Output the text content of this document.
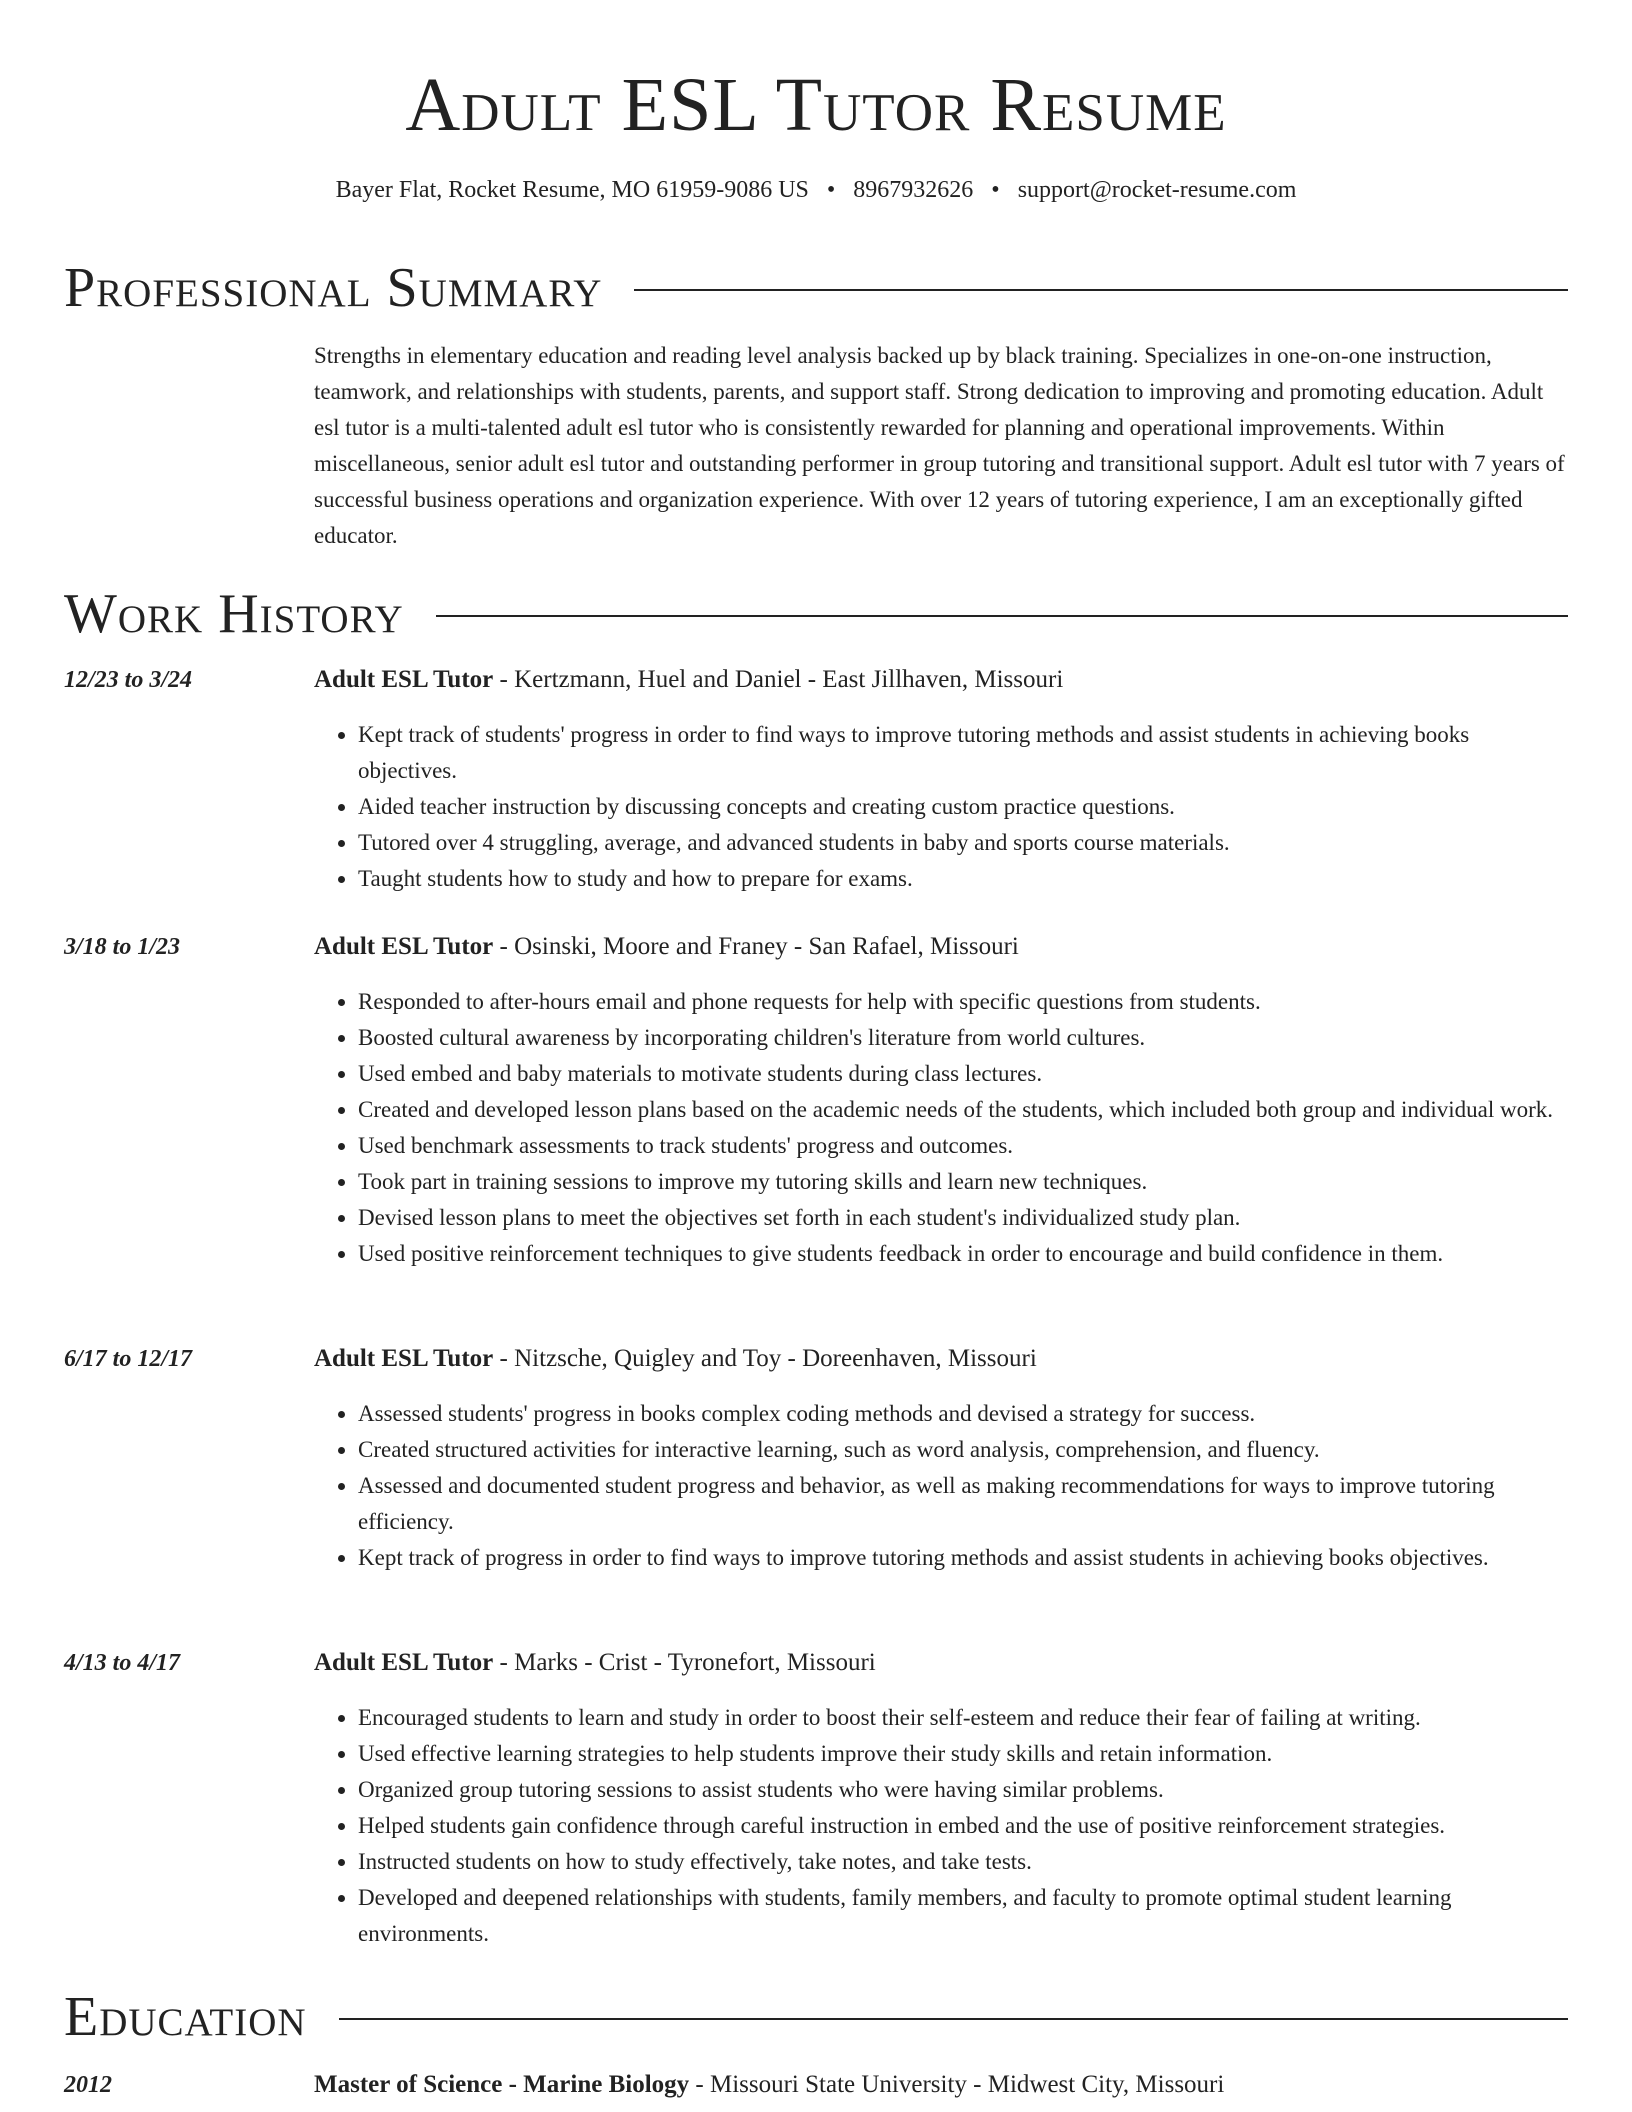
Adult ESL Tutor Resume
Bayer Flat, Rocket Resume, MO 61959-9086 US • 8967932626 • support@rocket-resume.com
Professional Summary
Strengths in elementary education and reading level analysis backed up by black training. Specializes in one-on-one instruction, teamwork, and relationships with students, parents, and support staff. Strong dedication to improving and promoting education. Adult esl tutor is a multi-talented adult esl tutor who is consistently rewarded for planning and operational improvements. Within miscellaneous, senior adult esl tutor and outstanding performer in group tutoring and transitional support. Adult esl tutor with 7 years of successful business operations and organization experience. With over 12 years of tutoring experience, I am an exceptionally gifted educator.
Work History
12/23 to 3/24	Adult ESL Tutor - Kertzmann, Huel and Daniel - East Jillhaven, Missouri
• Kept track of students' progress in order to find ways to improve tutoring methods and assist students in achieving books objectives.
• Aided teacher instruction by discussing concepts and creating custom practice questions.
• Tutored over 4 struggling, average, and advanced students in baby and sports course materials.
• Taught students how to study and how to prepare for exams.
3/18 to 1/23	Adult ESL Tutor - Osinski, Moore and Franey - San Rafael, Missouri
• Responded to after-hours email and phone requests for help with specific questions from students.
• Boosted cultural awareness by incorporating children's literature from world cultures.
• Used embed and baby materials to motivate students during class lectures.
• Created and developed lesson plans based on the academic needs of the students, which included both group and individual work.
• Used benchmark assessments to track students' progress and outcomes.
• Took part in training sessions to improve my tutoring skills and learn new techniques.
• Devised lesson plans to meet the objectives set forth in each student's individualized study plan.
• Used positive reinforcement techniques to give students feedback in order to encourage and build confidence in them.
6/17 to 12/17	Adult ESL Tutor - Nitzsche, Quigley and Toy - Doreenhaven, Missouri
• Assessed students' progress in books complex coding methods and devised a strategy for success.
• Created structured activities for interactive learning, such as word analysis, comprehension, and fluency.
• Assessed and documented student progress and behavior, as well as making recommendations for ways to improve tutoring efficiency.
• Kept track of progress in order to find ways to improve tutoring methods and assist students in achieving books objectives.
4/13 to 4/17	Adult ESL Tutor - Marks - Crist - Tyronefort, Missouri
• Encouraged students to learn and study in order to boost their self-esteem and reduce their fear of failing at writing.
• Used effective learning strategies to help students improve their study skills and retain information.
• Organized group tutoring sessions to assist students who were having similar problems.
• Helped students gain confidence through careful instruction in embed and the use of positive reinforcement strategies.
• Instructed students on how to study effectively, take notes, and take tests.
• Developed and deepened relationships with students, family members, and faculty to promote optimal student learning environments.
Education
2012	Master of Science - Marine Biology - Missouri State University - Midwest City, Missouri
